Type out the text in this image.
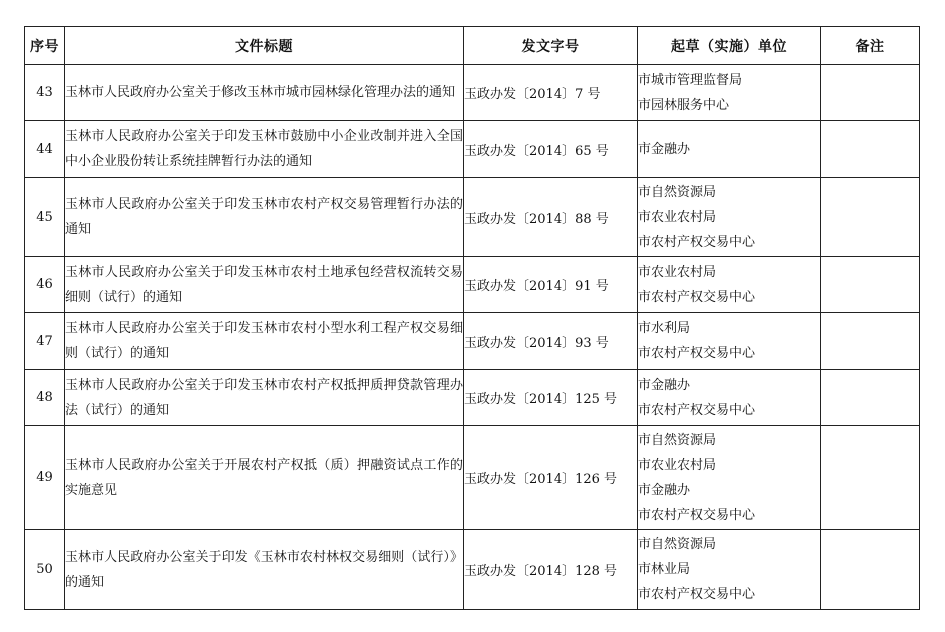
序号	文件标题	发文字号	起草（实施）单位	备注
43	玉林市人民政府办公室关于修改玉林市城市园林绿化管理办法的通知	玉政办发〔2014〕7 号	市城市管理监督局
市园林服务中心	

44	玉林市人民政府办公室关于印发玉林市鼓励中小企业改制并进入全国中小企业股份转让系统挂牌暂行办法的通知	玉政办发〔2014〕65 号	市金融办	

45	玉林市人民政府办公室关于印发玉林市农村产权交易管理暂行办法的通知	玉政办发〔2014〕88 号	市自然资源局
市农业农村局
市农村产权交易中心	

46	玉林市人民政府办公室关于印发玉林市农村土地承包经营权流转交易细则（试行）的通知	玉政办发〔2014〕91 号	市农业农村局
市农村产权交易中心	

47	玉林市人民政府办公室关于印发玉林市农村小型水利工程产权交易细则（试行）的通知	玉政办发〔2014〕93 号	市水利局
市农村产权交易中心	

48	玉林市人民政府办公室关于印发玉林市农村产权抵押质押贷款管理办法（试行）的通知	玉政办发〔2014〕125 号	市金融办
市农村产权交易中心	

49	玉林市人民政府办公室关于开展农村产权抵（质）押融资试点工作的实施意见	玉政办发〔2014〕126 号	市自然资源局
市农业农村局
市金融办
市农村产权交易中心	

50	玉林市人民政府办公室关于印发《玉林市农村林权交易细则（试行）》的通知	玉政办发〔2014〕128 号	市自然资源局
市林业局
市农村产权交易中心	
